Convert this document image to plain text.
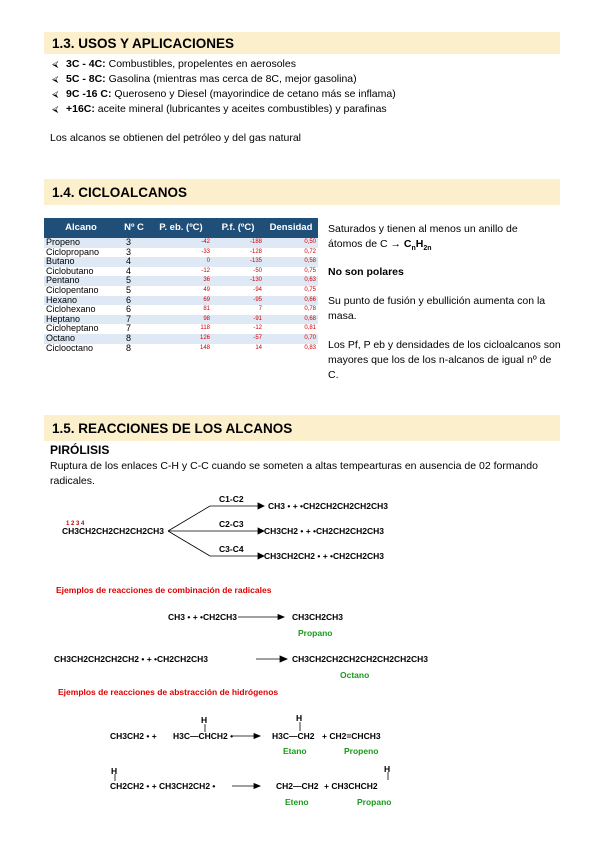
1.3. USOS Y APLICACIONES
⮘ 3C - 4C: Combustibles, propelentes en aerosoles
⮘ 5C - 8C: Gasolina (mientras mas cerca de 8C, mejor gasolina)
⮘ 9C -16 C: Queroseno y Diesel (mayorindice de cetano más se inflama)
⮘ +16C: aceite mineral (lubricantes y aceites combustibles) y parafinas
Los alcanos se obtienen del petróleo y del gas natural
1.4. CICLOALCANOS
Alcano	Nº C	P. eb. (ºC)	P.f. (ºC)	Densidad
Propeno	3	-42	-188	0,50
Ciclopropano	3	-33	-128	0,72
Butano	4	0	-135	0,58
Ciclobutano	4	-12	-50	0,75
Pentano	5	36	-130	0,63
Ciclopentano	5	49	-94	0,75
Hexano	6	69	-95	0,66
Ciclohexano	6	81	7	0,78
Heptano	7	98	-91	0,68
Cicloheptano	7	118	-12	0,81
Octano	8	126	-57	0,70
Ciclooctano	8	148	14	0,83
Saturados y tienen al menos un anillo de
átomos de $C \to C_nH_{2n}$
No son polares
Su punto de fusión y ebullición aumenta con la masa.
Los Pf, P eb y densidades de los cicloalcanos son mayores que los de los n-alcanos de igual nº de C.
1.5. REACCIONES DE LOS ALCANOS
PIRÓLISIS
Ruptura de los enlaces C-H y C-C cuando se someten a altas tempearturas en ausencia de 02 formando radicales.
1 2 3 4
CH3CH2CH2CH2CH2CH3
C1-C2
CH3 • + •CH2CH2CH2CH2CH3
C2-C3
CH3CH2 • + •CH2CH2CH2CH3
C3-C4
CH3CH2CH2 • + •CH2CH2CH3
Ejemplos de reacciones de combinación de radicales
CH3 • + •CH2CH3	CH3CH2CH3
Propano
CH3CH2CH2CH2CH2 • + •CH2CH2CH3	CH3CH2CH2CH2CH2CH2CH2CH3
Octano
Ejemplos de reacciones de abstracción de hidrógenos
H	H
CH3CH2 • + H3C—CHCH2 •	H3C—CH2 + CH2=CHCH3
Etano	Propeno
H	H
CH2CH2 • + CH3CH2CH2 •	CH2—CH2 + CH3CHCH2
Eteno	Propano
